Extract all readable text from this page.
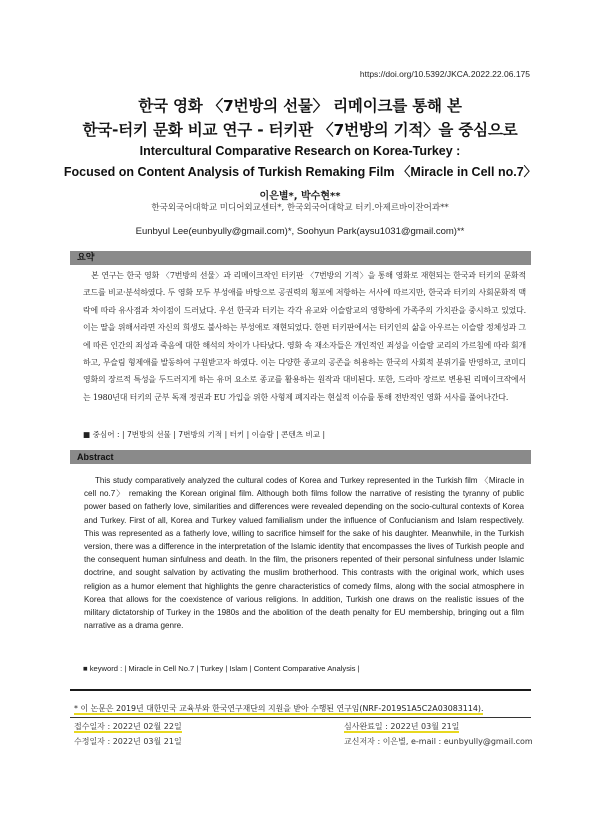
https://doi.org/10.5392/JKCA.2022.22.06.175
한국 영화 〈7번방의 선물〉 리메이크를 통해 본
한국-터키 문화 비교 연구 - 터키판 〈7번방의 기적〉을 중심으로
Intercultural Comparative Research on Korea-Turkey :
Focused on Content Analysis of Turkish Remaking Film 〈Miracle in Cell no.7〉
이은별*, 박수현**
한국외국어대학교 미디어외교센터*, 한국외국어대학교 터키.아제르바이잔어과**
Eunbyul Lee(eunbyully@gmail.com)*, Soohyun Park(aysu1031@gmail.com)**
요약
본 연구는 한국 영화 〈7번방의 선물〉과 리메이크작인 터키판 〈7번방의 기적〉을 통해 영화로 재현되는 한국과 터키의 문화적 코드를 비교·분석하였다. 두 영화 모두 부성애를 바탕으로 공권력의 횡포에 저항하는 서사에 따르지만, 한국과 터키의 사회문화적 맥락에 따라 유사점과 차이점이 드러났다. 우선 한국과 터키는 각각 유교와 이슬람교의 영향하에 가족주의 가치관을 중시하고 있었다. 이는 딸을 위해서라면 자신의 희생도 불사하는 부성애로 재현되었다. 한편 터키판에서는 터키인의 삶을 아우르는 이슬람 정체성과 그에 따른 인간의 죄성과 죽음에 대한 해석의 차이가 나타났다. 영화 속 재소자들은 개인적인 죄성을 이슬람 교리의 가르침에 따라 회개하고, 무슬림 형제애를 발동하여 구원받고자 하였다. 이는 다양한 종교의 공존을 허용하는 한국의 사회적 분위기를 반영하고, 코미디 영화의 장르적 특성을 두드러지게 하는 유머 요소로 종교를 활용하는 원작과 대비된다. 또한, 드라마 장르로 변용된 리메이크작에서는 1980년대 터키의 군부 독재 정권과 EU 가입을 위한 사형제 폐지라는 현실적 이슈를 통해 전반적인 영화 서사를 풀어나간다.
■ 중심어 : | 7번방의 선물 | 7번방의 기적 | 터키 | 이슬람 | 콘텐츠 비교 |
Abstract
This study comparatively analyzed the cultural codes of Korea and Turkey represented in the Turkish film 〈Miracle in cell no.7〉 remaking the Korean original film. Although both films follow the narrative of resisting the tyranny of public power based on fatherly love, similarities and differences were revealed depending on the socio-cultural contexts of Korea and Turkey. First of all, Korea and Turkey valued familialism under the influence of Confucianism and Islam respectively. This was represented as a fatherly love, willing to sacrifice himself for the sake of his daughter. Meanwhile, in the Turkish version, there was a difference in the interpretation of the Islamic identity that encompasses the lives of Turkish people and the consequent human sinfulness and death. In the film, the prisoners repented of their personal sinfulness under Islamic doctrine, and sought salvation by activating the muslim brotherhood. This contrasts with the original work, which uses religion as a humor element that highlights the genre characteristics of comedy films, along with the social atmosphere in Korea that allows for the coexistence of various religions. In addition, Turkish one draws on the realistic issues of the military dictatorship of Turkey in the 1980s and the abolition of the death penalty for EU membership, bringing out a film narrative as a drama genre.
■ keyword : | Miracle in Cell No.7 | Turkey | Islam | Content Comparative Analysis |
* 이 논문은 2019년 대한민국 교육부와 한국연구재단의 지원을 받아 수행된 연구임(NRF-2019S1A5C2A03083114).
접수일자 : 2022년 02월 22일	심사완료일 : 2022년 03월 21일
수정일자 : 2022년 03월 21일	교신저자 : 이은별, e-mail : eunbyully@gmail.com
